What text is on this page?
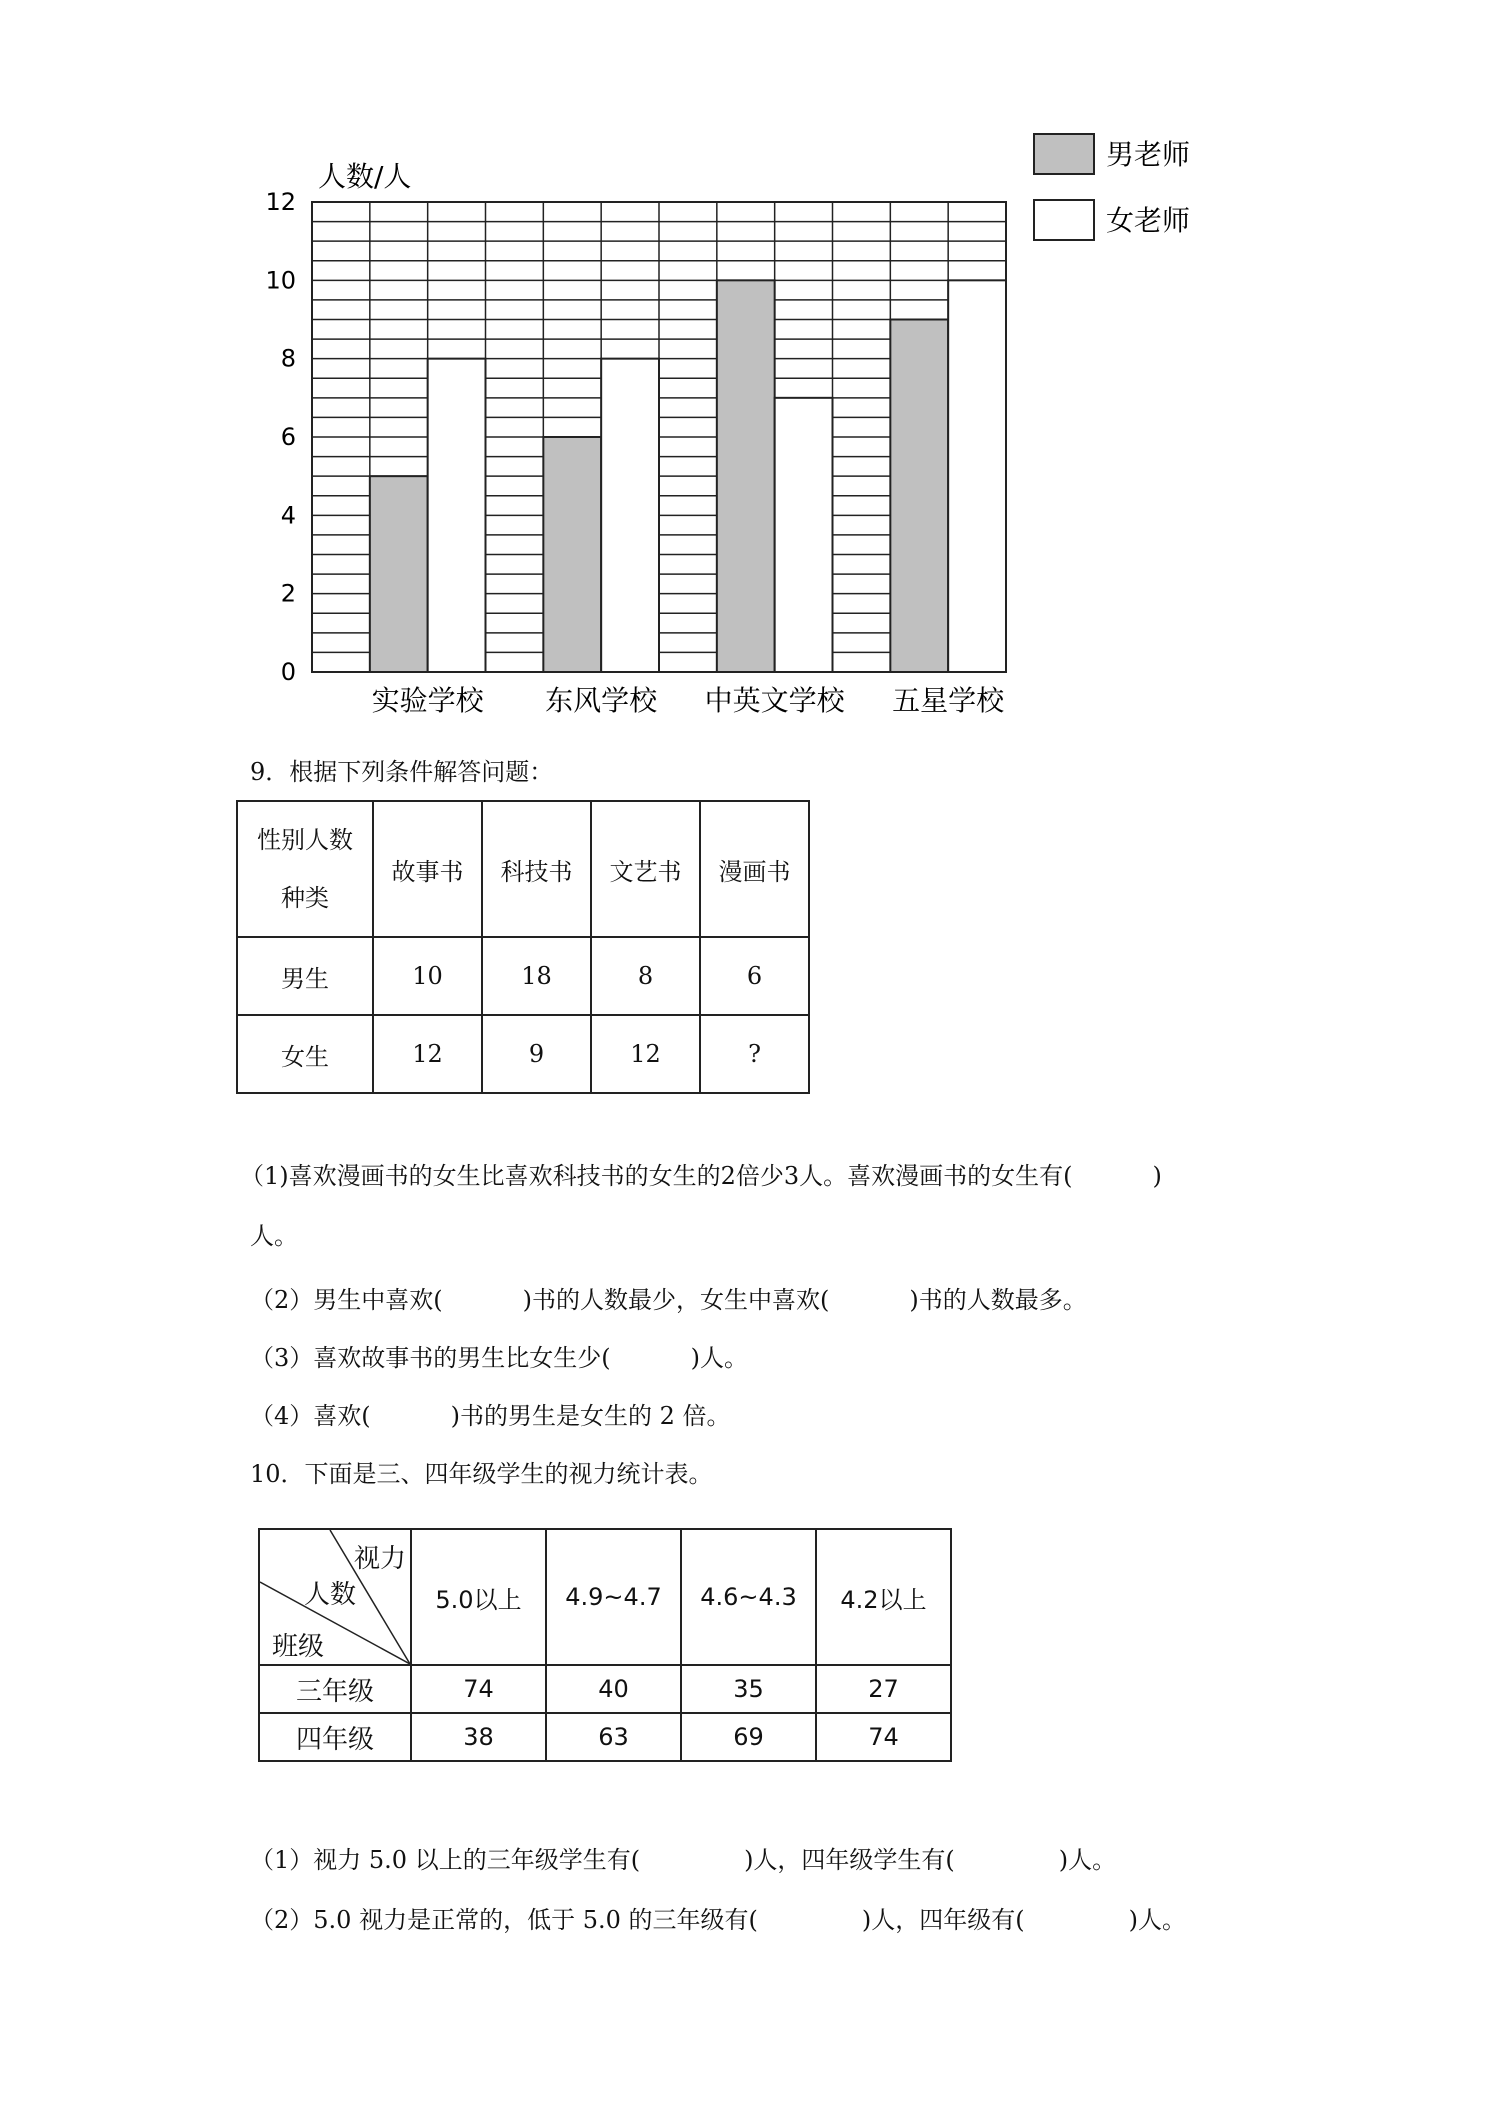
0
2
4
6
8
10
12
实验学校 东风学校 中英文学校 五星学校
人数/人
男老师
女老师
9．根据下列条件解答问题：
性别人数
种类	故事书	科技书	文艺书	漫画书
男生	10	18	8	6
女生	12	9	12	?
（1)喜欢漫画书的女生比喜欢科技书的女生的2倍少3人。喜欢漫画书的女生有(	)
人。
（2）男生中喜欢(	)书的人数最少，女生中喜欢(	)书的人数最多。
（3）喜欢故事书的男生比女生少(	)人。
（4）喜欢(	)书的男生是女生的 2 倍。
10．下面是三、四年级学生的视力统计表。
视力
人数
班级	5.0以上	4.9~4.7	4.6~4.3	4.2以上
三年级	74	40	35	27
四年级	38	63	69	74
（1）视力 5.0 以上的三年级学生有(	)人，四年级学生有(	)人。
（2）5.0 视力是正常的，低于 5.0 的三年级有(	)人，四年级有(	)人。
